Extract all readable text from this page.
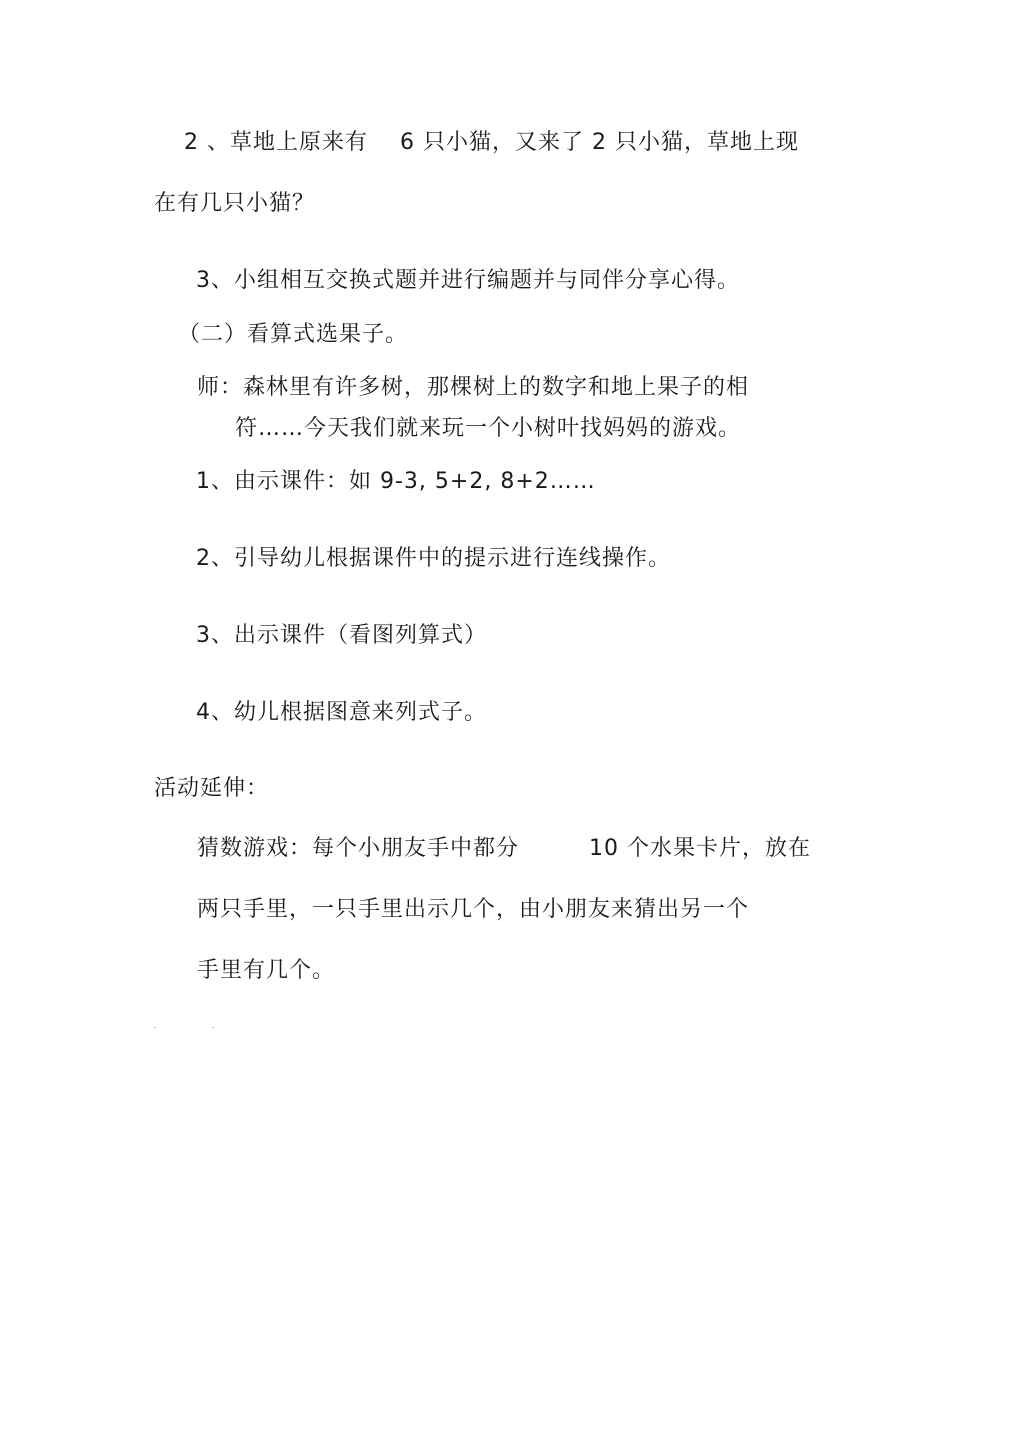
2 、草地上原来有 6 只小猫，又来了 2 只小猫，草地上现
在有几只小猫？
3、小组相互交换式题并进行编题并与同伴分享心得。
（二）看算式选果子。
师：森林里有许多树，那棵树上的数字和地上果子的相
符……今天我们就来玩一个小树叶找妈妈的游戏。
1、由示课件：如 9-3, 5+2, 8+2……
2、引导幼儿根据课件中的提示进行连线操作。
3、出示课件（看图列算式）
4、幼儿根据图意来列式子。
活动延伸：
猜数游戏：每个小朋友手中都分	10 个水果卡片，放在
两只手里，一只手里出示几个，由小朋友来猜出另一个
手里有几个。
